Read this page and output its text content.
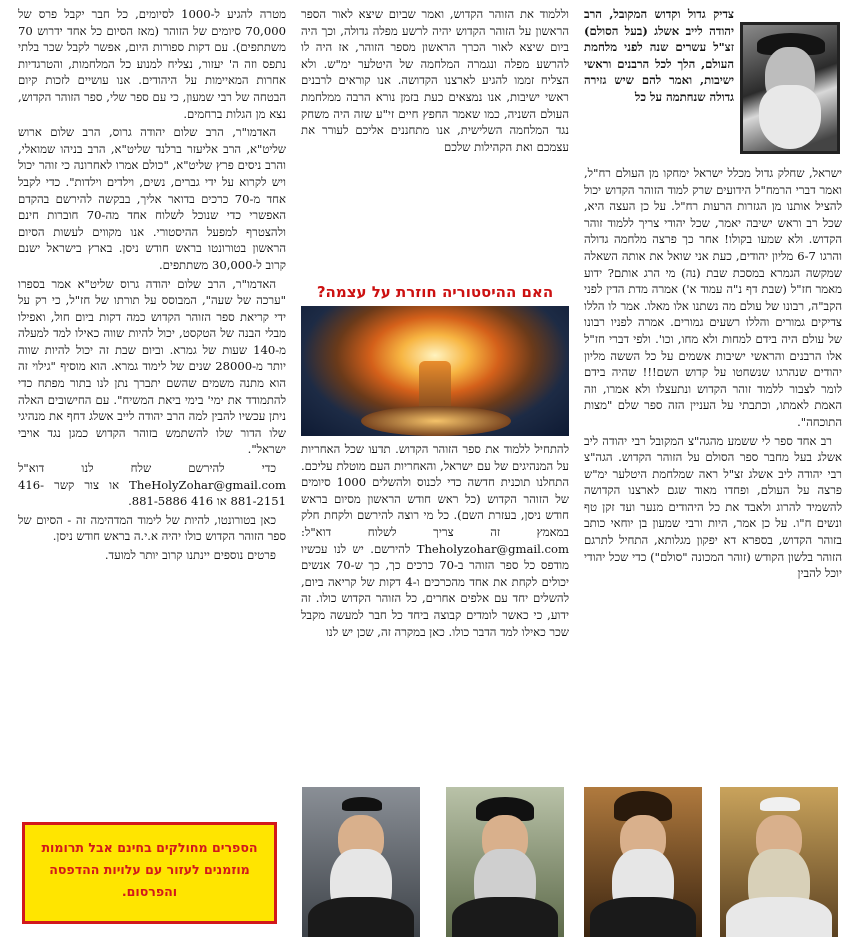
צדיק גדול וקדוש המקובל, הרב יהודה לייב אשלג (בעל הסולם) זצ"ל עשרים שנה לפני מלחמת העולם, הלך לכל הרבנים וראשי ישיבות, ואמר להם שיש גזירה גדולה שנחתמה על כל

ישראל, שחלק גדול מכלל ישראל ימחקו מן העולם רח"ל, ואמר דברי הרמח"ל הידועים שרק למוד הזוהר הקדוש יכול להציל אותנו מן הגזרות הרעות רח"ל. על כן העצה היא, שכל רב וראש ישיבה יאמר, שכל יהודי צריך ללמוד זוהר הקדוש. ולא שמעו בקולו! אחר כך פרצה מלחמה גדולה והרגו 6-7 מליון יהודים, כעת אני שואל את אותה השאלה שמקשה הגמרא במסכת שבת (נה) מי הרג אותם? ידוע מאמר חז"ל (שבת דף נ"ה עמוד א') אמרה מדת הדין לפני הקב"ה, רבונו של עולם מה נשתנו אלו מאלו. אמר לו הללו צדיקים גמורים והללו רשעים גמורים. אמרה לפניו רבונו של עולם היה בידם למחות ולא מחו, וכו'. ולפי דברי חז"ל אלו הרבנים והראשי ישיבות אשמים על כל הששה מליון יהודים שנהרגו שנשחטו על קדוש השם!!! שהיה בידם לומר לצבור ללמוד זוהר הקדוש ונתעצלו ולא אמרו, וזה האמת לאמתו, וכתבתי על העניין הזה ספר שלם "מצות התוכחה".

רב אחד ספר לי ששמע מהגה"צ המקובל רבי יהודה ליב אשלג בעל מחבר ספר הסולם על הזוהר הקדוש. הגה"צ רבי יהודה ליב אשלג זצ"ל ראה שמלחמת היטלער ימ"ש פרצה על העולם, ופחדו מאוד שגם לארצנו הקדושה להשמיד להרוג ולאבד את כל היהודים מנער ועד זקן טף ונשים ח"ו. על כן אמר, היות ורבי שמעון בן יוחאי כותב בזוהר הקדוש, בספרא דא יפקון מגלותא, התחיל לתרגם הזוהר בלשון הקודש (זוהר המכונה "סולם") כדי שכל יהודי יוכל להבין

וללמוד את הזוהר הקדוש, ואמר שביום שיצא לאור הספר הראשון על הזוהר הקדוש יהיה לרשע מפלה גדולה, וכך היה ביום שיצא לאור הכרך הראשון מספר הזוהר, אז היה לו להרשע מפלה ונגמרה המלחמה של היטלער ימ"ש. ולא הצליח זממו להגיע לארצנו הקדושה. אנו קוראים לרבנים ראשי ישיבות, אנו נמצאים כעת בזמן נורא הרבה ממלחמת העולם השניה, כמו שאמר החפץ חיים זי"ע שזה היה משחק נגד המלחמה השלישית, אנו מתחננים אליכם לעורר את עצמכם ואת הקהילות שלכם

האם ההיסטוריה חוזרת על עצמה?

להתחיל ללמוד את ספר הזוהר הקדוש. תדעו שכל האחריות על המנהיגים של עם ישראל, והאחריות העם מוטלת עליכם. התחלנו תוכנית חדשה כדי לכנוס ולהשלים 1000 סיומים של הזוהר הקדוש (כל ראש חודש הראשון מסיום בראש חודש ניסן, בעזרת השם). כל מי רוצה להירשם ולקחת חלק במאמץ זה צריך לשלוח דוא"ל: Theholyzohar@gmail.com להירשם. יש לנו עכשיו מודפס כל ספר הזוהר ב-70 כרכים כך, כך ש-70 אנשים יכולים לקחת את אחד מהכרכים ו-4 דקות של קריאה ביום, להשלים יחד עם אלפים אחרים, כל הזוהר הקדוש כולו. זה ידוע, כי כאשר לומדים קבוצה ביחד כל חבר למעשה מקבל שכר כאילו למד הדבר כולו. כאן במקרה זה, שכן יש לנו

מטרה להגיע ל-1000 לסיומים, כל חבר יקבל פרס של 70,000 סיומים של הזוהר (מאז הסיום כל אחד ידרוש 70 משתתפים). עם דקות ספורות היום, אפשר לקבל שכר בלתי נתפס וזה ה' יעזור, נצליח למנוע כל המלחמות, והטרגדיות אחרות המאיימות על היהודים. אנו עושיים לזכות קיום הבטחה של רבי שמעון, כי עם ספר שלי, ספר הזוהר הקדוש, נצא מן הגלות ברחמים.

האדמו"ר, הרב שלום יהודה גרוס, הרב שלום ארוש שליט"א, הרב אליעזר ברלנד שליט"א, הרב בניהו שמואלי, והרב ניסים פרץ שליט"א, "כולם אמרו לאחרונה כי זוהר יכול ויש לקרוא על ידי גברים, נשים, וילדים וילדות". כדי לקבל אחד מ-70 כרכים בדואר אליך, בבקשה להירשם בהקדם האפשרי כדי שנוכל לשלוח אחד מה-70 חוברות חינם ולהצטרף למפעל ההיסטורי. אנו מקווים לעשות הסיום הראשון בטורונטו בראש חודש ניסן. בארץ בישראל ישנם קרוב ל-30,000 משתתפים.

האדמו"ר, הרב שלום יהודה גרוס שליט"א אמר בספרו "ערכה של שעה", המבוסס על תורתו של חז"ל, כי רק על ידי קריאת ספר הזוהר הקדוש כמה דקות ביום חול, ואפילו מבלי הבנה של הטקסט, יכול להיות שווה כאילו למד למעלה מ-140 שעות של גמרא. וביום שבת זה יכול להיות שווה יותר מ-28000 שנים של לימוד גמרא. הוא מוסיף "גילוי זה הוא מתנה משמים שהשם יתברך נתן לנו בתור מפתח כדי להתמודד את ימי' בימי ביאת המשיח". עם החישובים האלה ניתן עכשיו להבין למה הרב יהודה לייב אשלג דחף את מנהיגי שלו הדור שלו להשתמש בזוהר הקדוש כמגן נגד אויבי ישראל".

כדי להירשם שלח לנו דוא"ל TheHolyZohar@gmail.com או צור קשר 416-881-2151 או 416 881-5886.

כאן בטורונטו, להיות של לימוד המדהימה זה - הסיום של ספר הזוהר הקדוש כולו יהיה א.י.ה בראש חודש ניסן.

פרטים נוספים יינתנו קרוב יותר למועד.

הספרים מחולקים בחינם אבל תרומות מוזמנים לעזור עם עלויות ההדפסה והפרסום.
